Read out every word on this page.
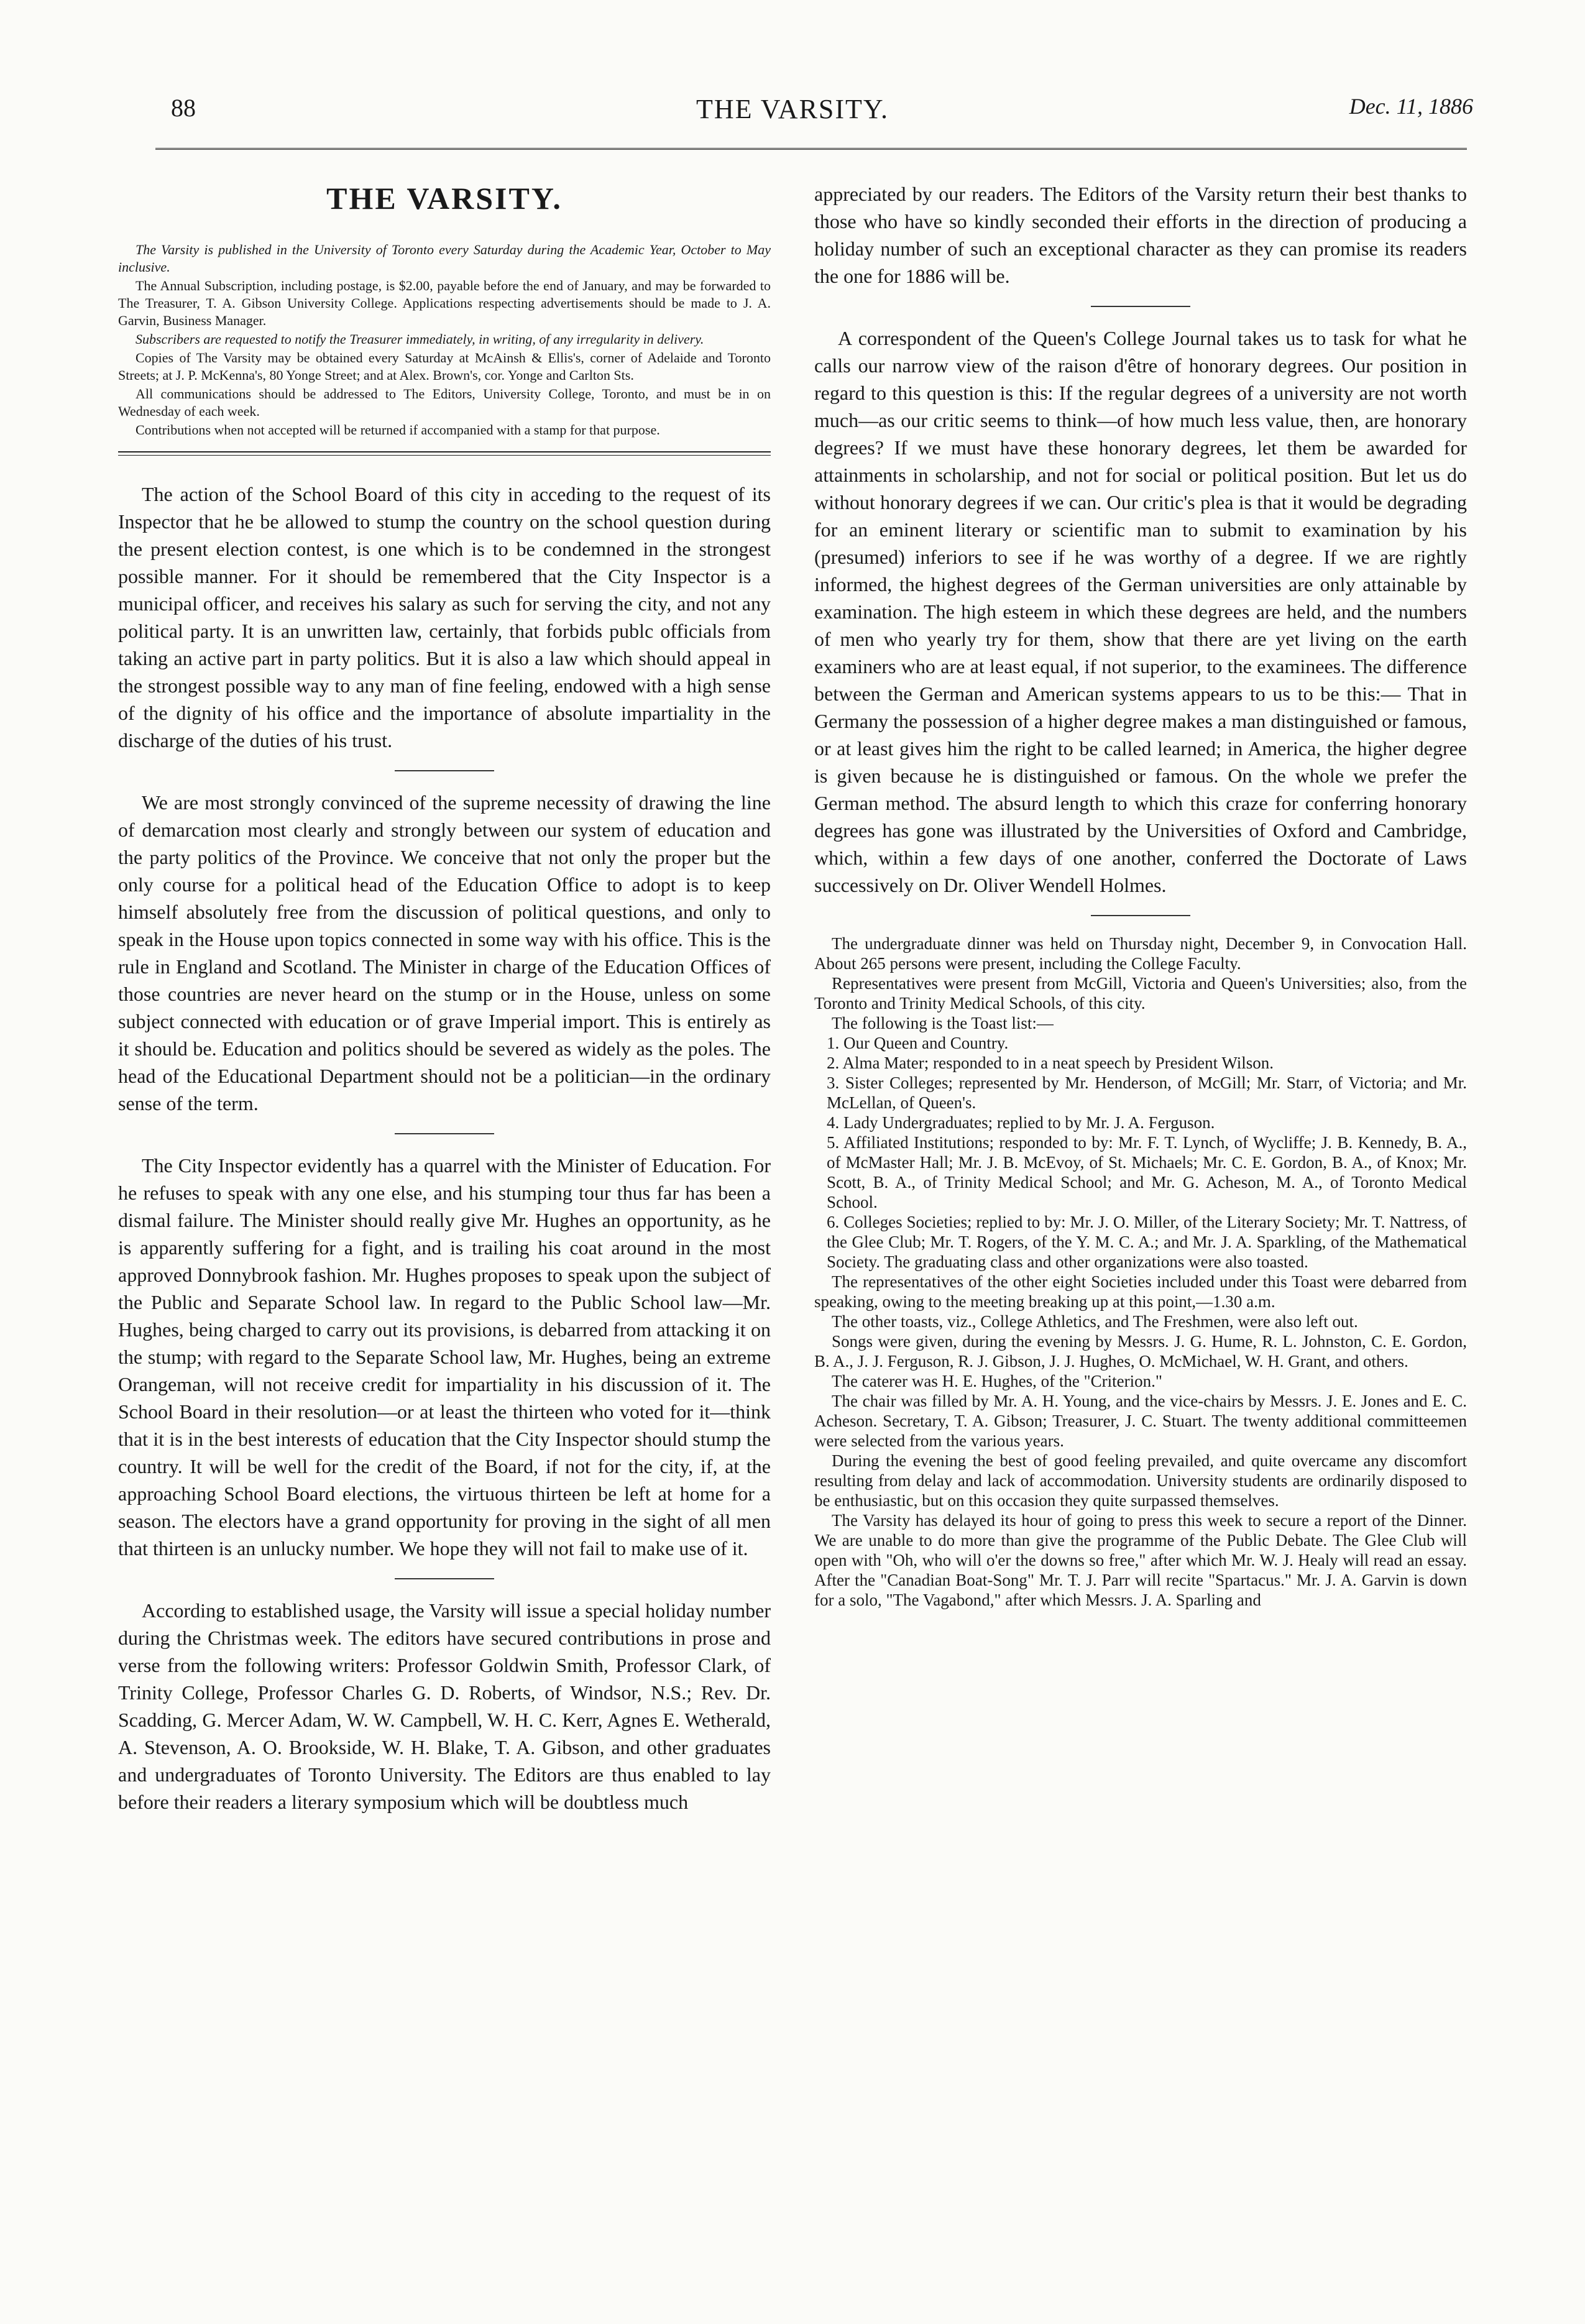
88	THE VARSITY.	Dec. 11, 1886
THE VARSITY.

The Varsity is published in the University of Toronto every Saturday during the Academic Year, October to May inclusive.

The Annual Subscription, including postage, is $2.00, payable before the end of January, and may be forwarded to The Treasurer, T. A. Gibson University College. Applications respecting advertisements should be made to J. A. Garvin, Business Manager.

Subscribers are requested to notify the Treasurer immediately, in writing, of any irregularity in delivery.

Copies of The Varsity may be obtained every Saturday at McAinsh & Ellis's, corner of Adelaide and Toronto Streets; at J. P. McKenna's, 80 Yonge Street; and at Alex. Brown's, cor. Yonge and Carlton Sts.

All communications should be addressed to The Editors, University College, Toronto, and must be in on Wednesday of each week.

Contributions when not accepted will be returned if accompanied with a stamp for that purpose.

The action of the School Board of this city in acceding to the request of its Inspector that he be allowed to stump the country on the school question during the present election contest, is one which is to be condemned in the strongest possible manner. For it should be remembered that the City Inspector is a municipal officer, and receives his salary as such for serving the city, and not any political party. It is an unwritten law, certainly, that forbids publc officials from taking an active part in party politics. But it is also a law which should appeal in the strongest possible way to any man of fine feeling, endowed with a high sense of the dignity of his office and the importance of absolute impartiality in the discharge of the duties of his trust.

We are most strongly convinced of the supreme necessity of drawing the line of demarcation most clearly and strongly between our system of education and the party politics of the Province. We conceive that not only the proper but the only course for a political head of the Education Office to adopt is to keep himself absolutely free from the discussion of political questions, and only to speak in the House upon topics connected in some way with his office. This is the rule in England and Scotland. The Minister in charge of the Education Offices of those countries are never heard on the stump or in the House, unless on some subject connected with education or of grave Imperial import. This is entirely as it should be. Education and politics should be severed as widely as the poles. The head of the Educational Department should not be a politician—in the ordinary sense of the term.

The City Inspector evidently has a quarrel with the Minister of Education. For he refuses to speak with any one else, and his stumping tour thus far has been a dismal failure. The Minister should really give Mr. Hughes an opportunity, as he is apparently suffering for a fight, and is trailing his coat around in the most approved Donnybrook fashion. Mr. Hughes proposes to speak upon the subject of the Public and Separate School law. In regard to the Public School law—Mr. Hughes, being charged to carry out its provisions, is debarred from attacking it on the stump; with regard to the Separate School law, Mr. Hughes, being an extreme Orangeman, will not receive credit for impartiality in his discussion of it. The School Board in their resolution—or at least the thirteen who voted for it—think that it is in the best interests of education that the City Inspector should stump the country. It will be well for the credit of the Board, if not for the city, if, at the approaching School Board elections, the virtuous thirteen be left at home for a season. The electors have a grand opportunity for proving in the sight of all men that thirteen is an unlucky number. We hope they will not fail to make use of it.

According to established usage, the Varsity will issue a special holiday number during the Christmas week. The editors have secured contributions in prose and verse from the following writers: Professor Goldwin Smith, Professor Clark, of Trinity College, Professor Charles G. D. Roberts, of Windsor, N.S.; Rev. Dr. Scadding, G. Mercer Adam, W. W. Campbell, W. H. C. Kerr, Agnes E. Wetherald, A. Stevenson, A. O. Brookside, W. H. Blake, T. A. Gibson, and other graduates and undergraduates of Toronto University. The Editors are thus enabled to lay before their readers a literary symposium which will be doubtless much

appreciated by our readers. The Editors of the Varsity return their best thanks to those who have so kindly seconded their efforts in the direction of producing a holiday number of such an exceptional character as they can promise its readers the one for 1886 will be.

A correspondent of the Queen's College Journal takes us to task for what he calls our narrow view of the raison d'être of honorary degrees. Our position in regard to this question is this: If the regular degrees of a university are not worth much—as our critic seems to think—of how much less value, then, are honorary degrees? If we must have these honorary degrees, let them be awarded for attainments in scholarship, and not for social or political position. But let us do without honorary degrees if we can. Our critic's plea is that it would be degrading for an eminent literary or scientific man to submit to examination by his (presumed) inferiors to see if he was worthy of a degree. If we are rightly informed, the highest degrees of the German universities are only attainable by examination. The high esteem in which these degrees are held, and the numbers of men who yearly try for them, show that there are yet living on the earth examiners who are at least equal, if not superior, to the examinees. The difference between the German and American systems appears to us to be this:— That in Germany the possession of a higher degree makes a man distinguished or famous, or at least gives him the right to be called learned; in America, the higher degree is given because he is distinguished or famous. On the whole we prefer the German method. The absurd length to which this craze for conferring honorary degrees has gone was illustrated by the Universities of Oxford and Cambridge, which, within a few days of one another, conferred the Doctorate of Laws successively on Dr. Oliver Wendell Holmes.

The undergraduate dinner was held on Thursday night, December 9, in Convocation Hall. About 265 persons were present, including the College Faculty.

Representatives were present from McGill, Victoria and Queen's Universities; also, from the Toronto and Trinity Medical Schools, of this city.

The following is the Toast list:—

1. Our Queen and Country.

2. Alma Mater; responded to in a neat speech by President Wilson.

3. Sister Colleges; represented by Mr. Henderson, of McGill; Mr. Starr, of Victoria; and Mr. McLellan, of Queen's.

4. Lady Undergraduates; replied to by Mr. J. A. Ferguson.

5. Affiliated Institutions; responded to by: Mr. F. T. Lynch, of Wycliffe; J. B. Kennedy, B. A., of McMaster Hall; Mr. J. B. McEvoy, of St. Michaels; Mr. C. E. Gordon, B. A., of Knox; Mr. Scott, B. A., of Trinity Medical School; and Mr. G. Acheson, M. A., of Toronto Medical School.

6. Colleges Societies; replied to by: Mr. J. O. Miller, of the Literary Society; Mr. T. Nattress, of the Glee Club; Mr. T. Rogers, of the Y. M. C. A.; and Mr. J. A. Sparkling, of the Mathematical Society. The graduating class and other organizations were also toasted.

The representatives of the other eight Societies included under this Toast were debarred from speaking, owing to the meeting breaking up at this point,—1.30 a.m.

The other toasts, viz., College Athletics, and The Freshmen, were also left out.

Songs were given, during the evening by Messrs. J. G. Hume, R. L. Johnston, C. E. Gordon, B. A., J. J. Ferguson, R. J. Gibson, J. J. Hughes, O. McMichael, W. H. Grant, and others.

The caterer was H. E. Hughes, of the "Criterion."

The chair was filled by Mr. A. H. Young, and the vice-chairs by Messrs. J. E. Jones and E. C. Acheson. Secretary, T. A. Gibson; Treasurer, J. C. Stuart. The twenty additional committeemen were selected from the various years.

During the evening the best of good feeling prevailed, and quite overcame any discomfort resulting from delay and lack of accommodation. University students are ordinarily disposed to be enthusiastic, but on this occasion they quite surpassed themselves.

The Varsity has delayed its hour of going to press this week to secure a report of the Dinner. We are unable to do more than give the programme of the Public Debate. The Glee Club will open with "Oh, who will o'er the downs so free," after which Mr. W. J. Healy will read an essay. After the "Canadian Boat-Song" Mr. T. J. Parr will recite "Spartacus." Mr. J. A. Garvin is down for a solo, "The Vagabond," after which Messrs. J. A. Sparling and
